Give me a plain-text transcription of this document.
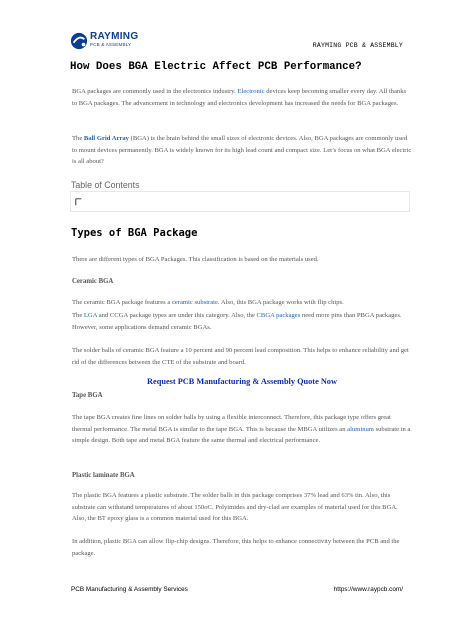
RAYMING
PCB & ASSEMBLY	RAYMING PCB & ASSEMBLY
How Does BGA Electric Affect PCB Performance?
BGA packages are commonly used in the electronics industry. Electronic devices keep becoming smaller every day. All thanks to BGA packages. The advancement in technology and electronics development has increased the needs for BGA packages.
The Ball Grid Array (BGA) is the brain behind the small sizes of electronic devices. Also, BGA packages are commonly used to mount devices permanently. BGA is widely known for its high lead count and compact size. Let’s focus on what BGA electric is all about?
Table of Contents
Types of BGA Package
There are different types of BGA Packages. This classification is based on the materials used.
Ceramic BGA
The ceramic BGA package features a ceramic substrate. Also, this BGA package works with flip chips.
The LGA and CCGA package types are under this category. Also, the CBGA packages need more pins than PBGA packages. However, some applications demand ceramic BGAs.
The solder balls of ceramic BGA feature a 10 percent and 90 percent lead composition. This helps to enhance reliability and get rid of the differences between the CTE of the substrate and board.
Request PCB Manufacturing & Assembly Quote Now
Tape BGA
The tape BGA creates fine lines on solder balls by using a flexible interconnect. Therefore, this package type offers great thermal performance. The metal BGA is similar to the tape BGA. This is because the MBGA utilizes an aluminum substrate in a simple design. Both tape and metal BGA feature the same thermal and electrical performance.
Plastic laminate BGA
The plastic BGA features a plastic substrate. The solder balls in this package comprises 37% lead and 63% tin. Also, this substrate can withstand temperatures of about 150oC. Polyimides and dry-clad are examples of material used for this BGA. Also, the BT epoxy glass is a common material used for this BGA.
In addition, plastic BGA can allow flip-chip designs. Therefore, this helps to enhance connectivity between the PCB and the package.
PCB Manufacturing & Assembly Services	https://www.raypcb.com/
